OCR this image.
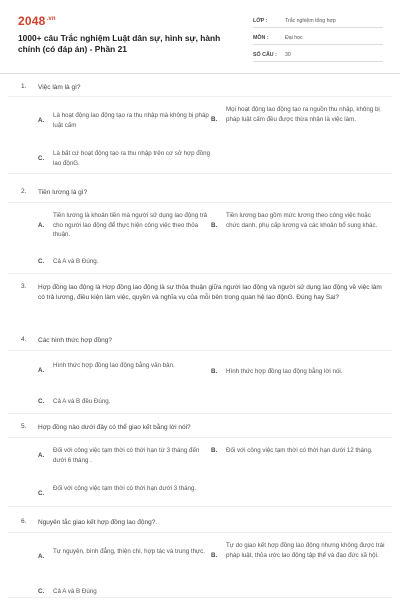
$2048^{.vn}$
1000+ câu Trắc nghiệm Luật dân sự, hình sự, hành chính (có đáp án) - Phần 21
LỚP :	Trắc nghiệm tổng hợp
MÔN :	Đại học
SỐ CÂU :	30
1. Việc làm là gì?
A.
Là hoạt động lao động tạo ra thu nhập mà không bị pháp luật cấm
B.
Mọi hoạt động lao động tạo ra nguồn thu nhập, không bị pháp luật cấm đều được thừa nhận là việc làm.
C.
Là bất cứ hoạt động tạo ra thu nhập trên cơ sở hợp đồng lao độnG.
2. Tiền lương là gì?
A.
Tiền lương là khoản tiền mà người sử dụng lao động trả cho người lao động để thực hiện công việc theo thỏa thuận.
B.
Tiền lương bao gồm mức lương theo công việc hoặc chức danh, phụ cấp lương và các khoản bổ sung khác.
C. Cả A và B Đúng.
3. Hợp đồng lao động là Hợp đồng lao động là sự thỏa thuận giữa người lao động và người sử dụng lao động về việc làm có trả lương, điều kiện làm việc, quyền và nghĩa vụ của mỗi bên trong quan hệ lao độnG. Đúng hay Sai?
4. Các hình thức hợp đồng?
A.
Hình thức hợp đồng lao động bằng văn bản.
B. Hình thức hợp đồng lao động bằng lời nói.
C. Cả A và B đều Đúng.
5. Hợp đồng nào dưới đây có thể giao kết bằng lời nói?
A.
Đối với công việc tạm thời có thời hạn từ 3 tháng đến dưới 6 tháng .
B. Đối với công việc tạm thời có thời hạn dưới 12 tháng.
C.
Đối với công việc tạm thời có thời hạn dưới 3 tháng.
6. Nguyên tắc giao kết hợp đồng lao động?.
A.
Tự nguyện, bình đẳng, thiện chí, hợp tác và trung thực.
B.
Tự do giao kết hợp đồng lao động nhưng không được trái pháp luật, thỏa ước lao động tập thể và đạo đức xã hội.
C. Cả A và B Đúng
